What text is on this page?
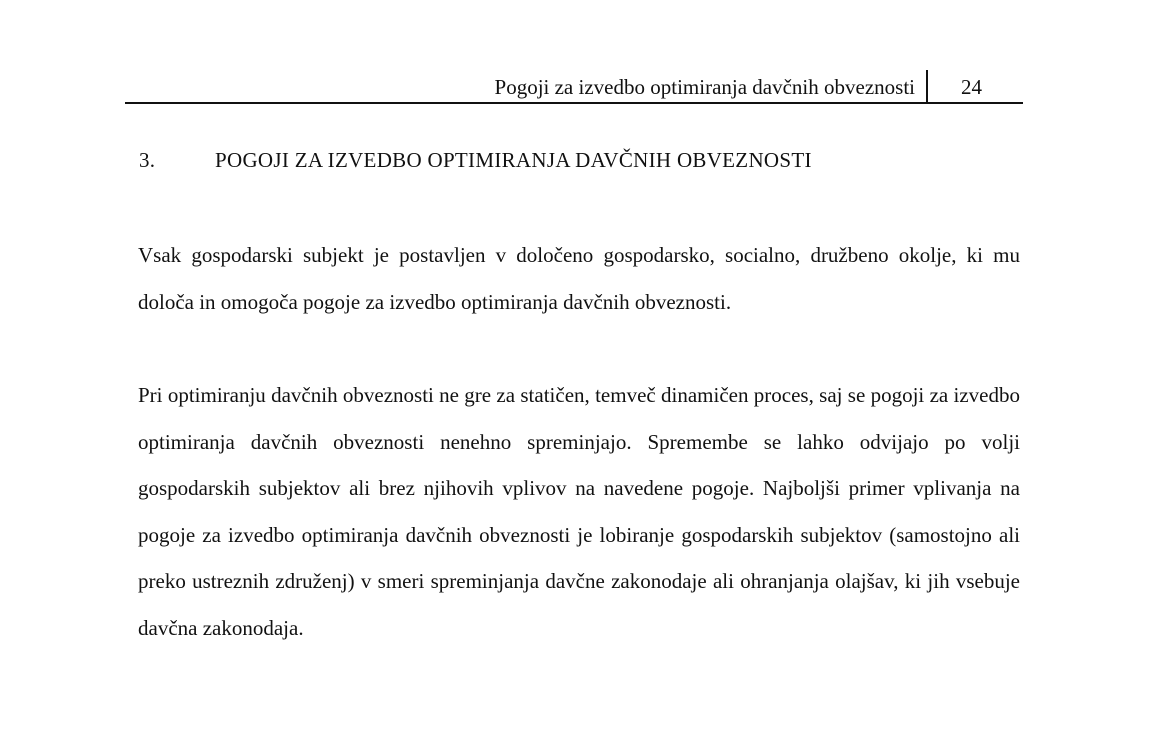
Pogoji za izvedbo optimiranja davčnih obveznosti 24
3.	POGOJI ZA IZVEDBO OPTIMIRANJA DAVČNIH OBVEZNOSTI

Vsak gospodarski subjekt je postavljen v določeno gospodarsko, socialno, družbeno okolje, ki mu določa in omogoča pogoje za izvedbo optimiranja davčnih obveznosti.

Pri optimiranju davčnih obveznosti ne gre za statičen, temveč dinamičen proces, saj se pogoji za izvedbo optimiranja davčnih obveznosti nenehno spreminjajo. Spremembe se lahko odvijajo po volji gospodarskih subjektov ali brez njihovih vplivov na navedene pogoje. Najboljši primer vplivanja na pogoje za izvedbo optimiranja davčnih obveznosti je lobiranje gospodarskih subjektov (samostojno ali preko ustreznih združenj) v smeri spreminjanja davčne zakonodaje ali ohranjanja olajšav, ki jih vsebuje davčna zakonodaja.
